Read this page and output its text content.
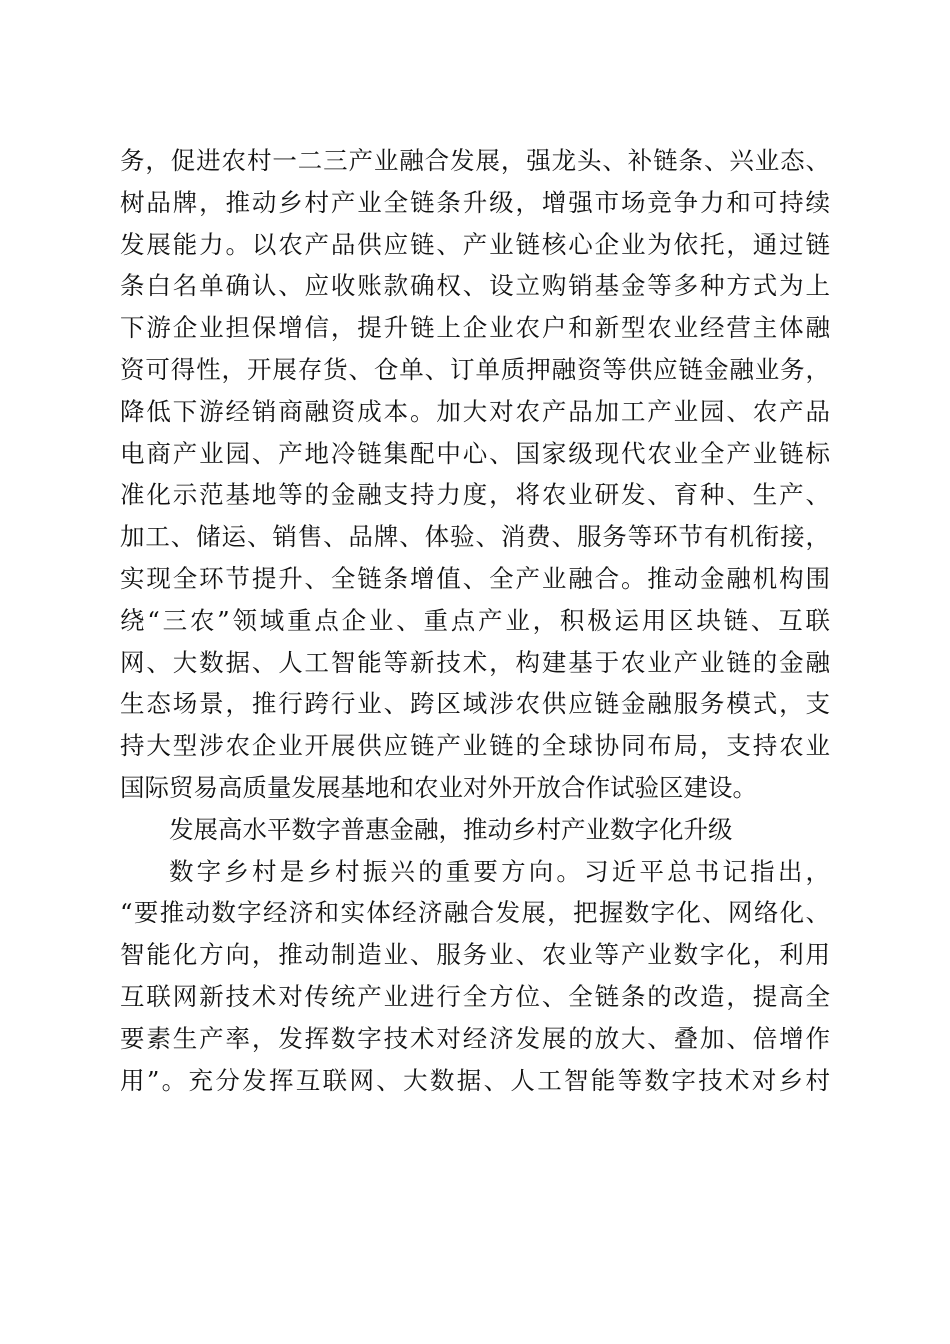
务，促进农村一二三产业融合发展，强龙头、补链条、兴业态、
树品牌，推动乡村产业全链条升级，增强市场竞争力和可持续
发展能力。以农产品供应链、产业链核心企业为依托，通过链
条白名单确认、应收账款确权、设立购销基金等多种方式为上
下游企业担保增信，提升链上企业农户和新型农业经营主体融
资可得性，开展存货、仓单、订单质押融资等供应链金融业务，
降低下游经销商融资成本。加大对农产品加工产业园、农产品
电商产业园、产地冷链集配中心、国家级现代农业全产业链标
准化示范基地等的金融支持力度，将农业研发、育种、生产、
加工、储运、销售、品牌、体验、消费、服务等环节有机衔接，
实现全环节提升、全链条增值、全产业融合。推动金融机构围
绕“三农”领域重点企业、重点产业，积极运用区块链、互联
网、大数据、人工智能等新技术，构建基于农业产业链的金融
生态场景，推行跨行业、跨区域涉农供应链金融服务模式，支
持大型涉农企业开展供应链产业链的全球协同布局，支持农业
国际贸易高质量发展基地和农业对外开放合作试验区建设。
发展高水平数字普惠金融，推动乡村产业数字化升级
数字乡村是乡村振兴的重要方向。习近平总书记指出，
“要推动数字经济和实体经济融合发展，把握数字化、网络化、
智能化方向，推动制造业、服务业、农业等产业数字化，利用
互联网新技术对传统产业进行全方位、全链条的改造，提高全
要素生产率，发挥数字技术对经济发展的放大、叠加、倍增作
用”。充分发挥互联网、大数据、人工智能等数字技术对乡村
